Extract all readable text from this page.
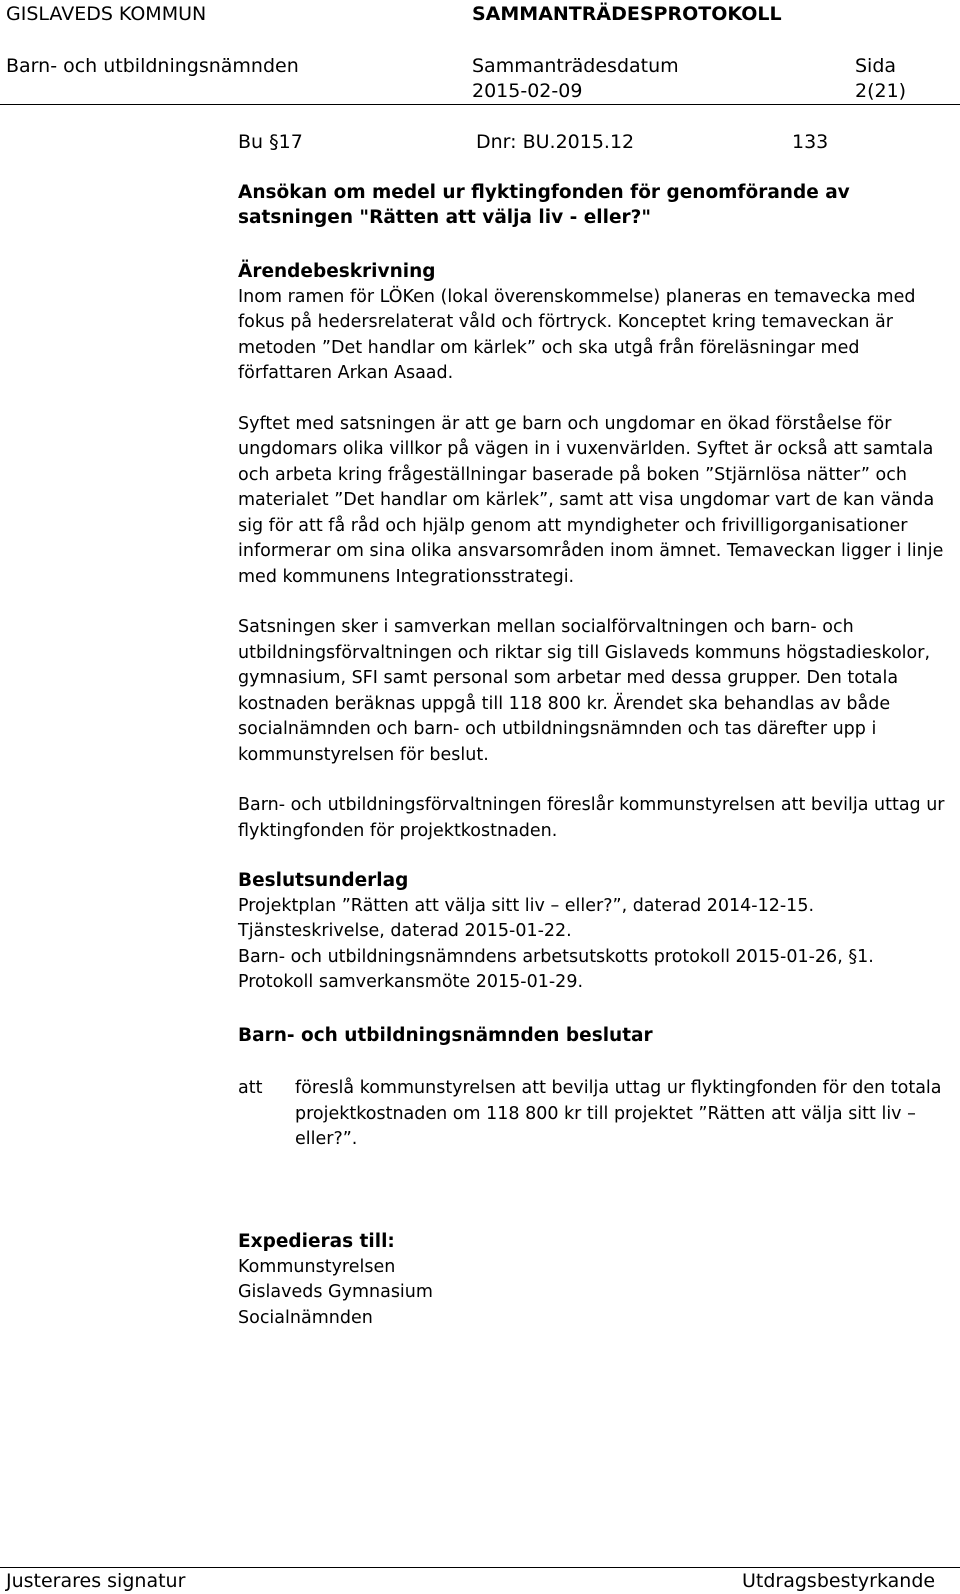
GISLAVEDS KOMMUN	SAMMANTRÄDESPROTOKOLL
Barn- och utbildningsnämnden	Sammanträdesdatum
2015-02-09
Sida
2(21)
Bu §17	Dnr: BU.2015.12	133
Ansökan om medel ur flyktingfonden för genomförande av
satsningen "Rätten att välja liv - eller?"
Ärendebeskrivning

Inom ramen för LÖKen (lokal överenskommelse) planeras en temavecka med fokus på hedersrelaterat våld och förtryck. Konceptet kring temaveckan är metoden ”Det handlar om kärlek” och ska utgå från föreläsningar med författaren Arkan Asaad.

Syftet med satsningen är att ge barn och ungdomar en ökad förståelse för ungdomars olika villkor på vägen in i vuxenvärlden. Syftet är också att samtala och arbeta kring frågeställningar baserade på boken ”Stjärnlösa nätter” och materialet ”Det handlar om kärlek”, samt att visa ungdomar vart de kan vända sig för att få råd och hjälp genom att myndigheter och frivilligorganisationer informerar om sina olika ansvarsområden inom ämnet. Temaveckan ligger i linje med kommunens Integrationsstrategi.

Satsningen sker i samverkan mellan socialförvaltningen och barn- och utbildningsförvaltningen och riktar sig till Gislaveds kommuns högstadieskolor, gymnasium, SFI samt personal som arbetar med dessa grupper. Den totala kostnaden beräknas uppgå till 118 800 kr. Ärendet ska behandlas av både socialnämnden och barn- och utbildningsnämnden och tas därefter upp i kommunstyrelsen för beslut.

Barn- och utbildningsförvaltningen föreslår kommunstyrelsen att bevilja uttag ur flyktingfonden för projektkostnaden.

Beslutsunderlag
Projektplan ”Rätten att välja sitt liv – eller?”, daterad 2014-12-15.
Tjänsteskrivelse, daterad 2015-01-22.
Barn- och utbildningsnämndens arbetsutskotts protokoll 2015-01-26, §1.
Protokoll samverkansmöte 2015-01-29.
Barn- och utbildningsnämnden beslutar
att föreslå kommunstyrelsen att bevilja uttag ur flyktingfonden för den totala projektkostnaden om 118 800 kr till projektet ”Rätten att välja sitt liv – eller?”.
Expedieras till:
Kommunstyrelsen
Gislaveds Gymnasium
Socialnämnden
Justerares signatur	Utdragsbestyrkande
